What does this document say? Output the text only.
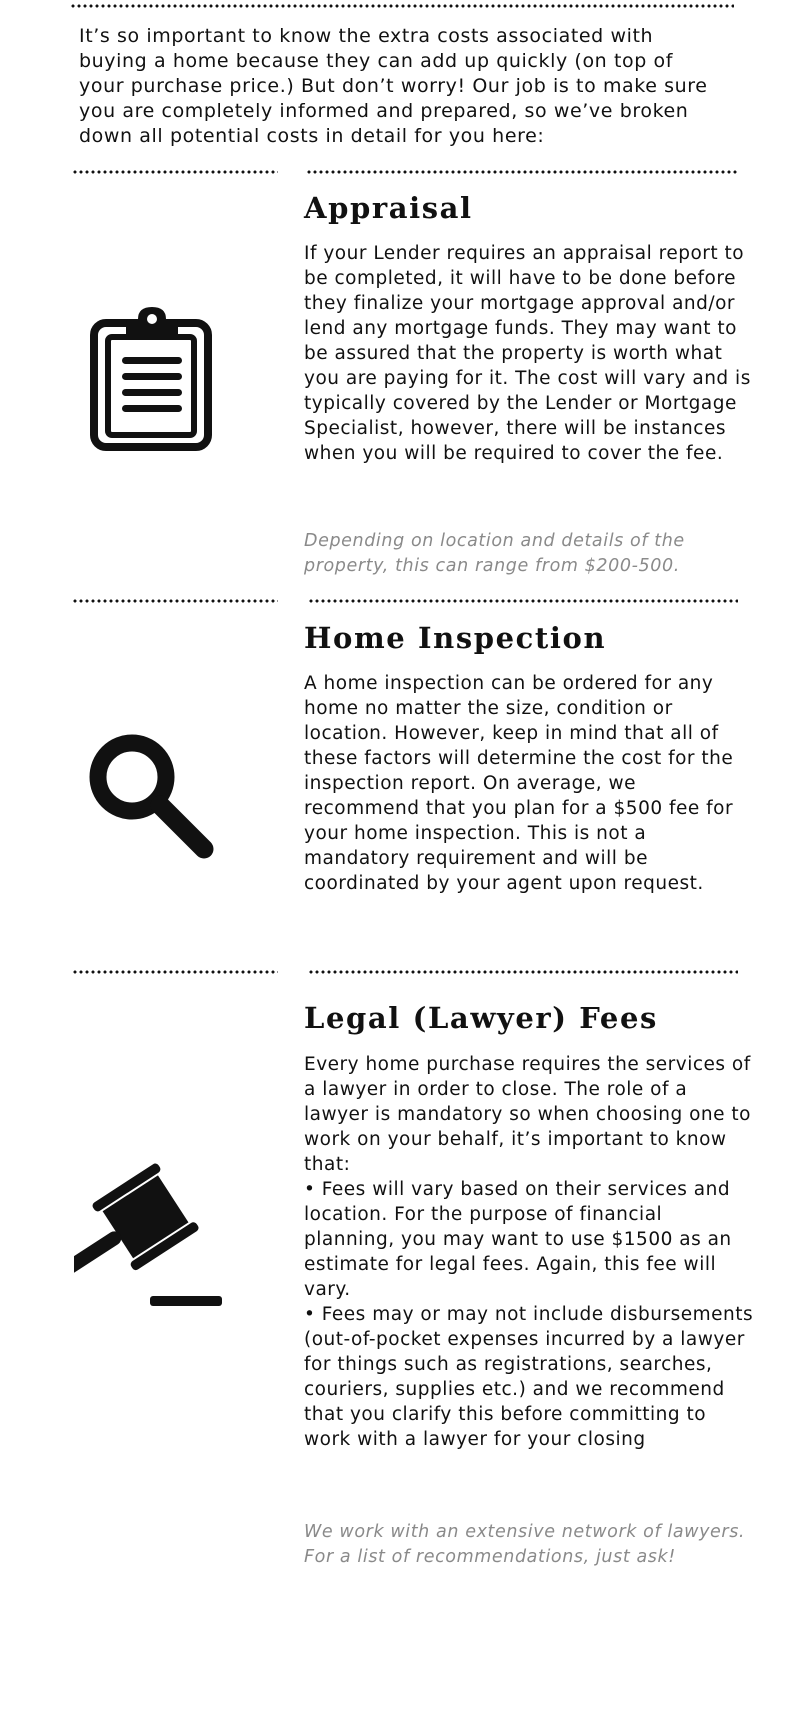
It’s so important to know the extra costs associated with buying a home because they can add up quickly (on top of your purchase price.) But don’t worry! Our job is to make sure you are completely informed and prepared, so we’ve broken down all potential costs in detail for you here:

Appraisal

If your Lender requires an appraisal report to be completed, it will have to be done before they finalize your mortgage approval and/or lend any mortgage funds. They may want to be assured that the property is worth what you are paying for it. The cost will vary and is typically covered by the Lender or Mortgage Specialist, however, there will be instances when you will be required to cover the fee.

Depending on location and details of the property, this can range from $200-500.

Home Inspection

A home inspection can be ordered for any home no matter the size, condition or location. However, keep in mind that all of these factors will determine the cost for the inspection report. On average, we recommend that you plan for a $500 fee for your home inspection. This is not a mandatory requirement and will be coordinated by your agent upon request.

Legal (Lawyer) Fees

Every home purchase requires the services of a lawyer in order to close. The role of a lawyer is mandatory so when choosing one to work on your behalf, it’s important to know that:
• Fees will vary based on their services and location. For the purpose of financial planning, you may want to use $1500 as an estimate for legal fees. Again, this fee will vary.
• Fees may or may not include disbursements (out-of-pocket expenses incurred by a lawyer for things such as registrations, searches, couriers, supplies etc.) and we recommend that you clarify this before committing to work with a lawyer for your closing

We work with an extensive network of lawyers. For a list of recommendations, just ask!
